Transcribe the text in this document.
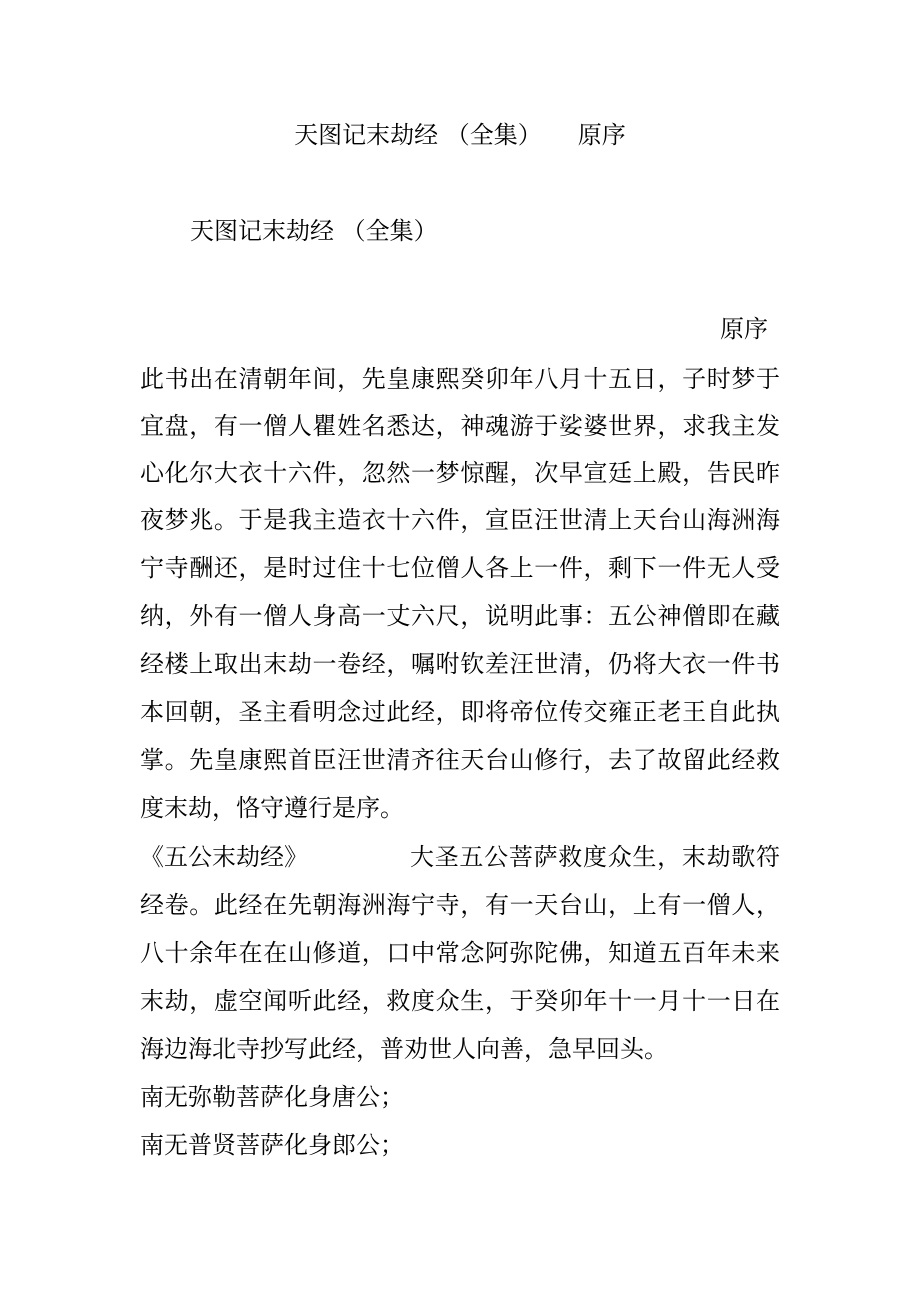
天图记末劫经 （全集）　　原序
天图记末劫经 （全集）
原序
此书出在清朝年间，先皇康熙癸卯年八月十五日，子时梦于
宜盘，有一僧人瞿姓名悉达，神魂游于娑婆世界，求我主发
心化尔大衣十六件，忽然一梦惊醒，次早宣廷上殿，告民昨
夜梦兆。于是我主造衣十六件，宣臣汪世清上天台山海洲海
宁寺酬还，是时过住十七位僧人各上一件，剩下一件无人受
纳，外有一僧人身高一丈六尺，说明此事：五公神僧即在藏
经楼上取出末劫一卷经，嘱咐钦差汪世清，仍将大衣一件书
本回朝，圣主看明念过此经，即将帝位传交雍正老王自此执
掌。先皇康熙首臣汪世清齐往天台山修行，去了故留此经救
度末劫，恪守遵行是序。
《五公末劫经》	大圣五公菩萨救度众生，末劫歌符
经卷。此经在先朝海洲海宁寺，有一天台山，上有一僧人，
八十余年在在山修道，口中常念阿弥陀佛，知道五百年未来
末劫，虚空闻听此经，救度众生，于癸卯年十一月十一日在
海边海北寺抄写此经，普劝世人向善，急早回头。
南无弥勒菩萨化身唐公；
南无普贤菩萨化身郎公；
